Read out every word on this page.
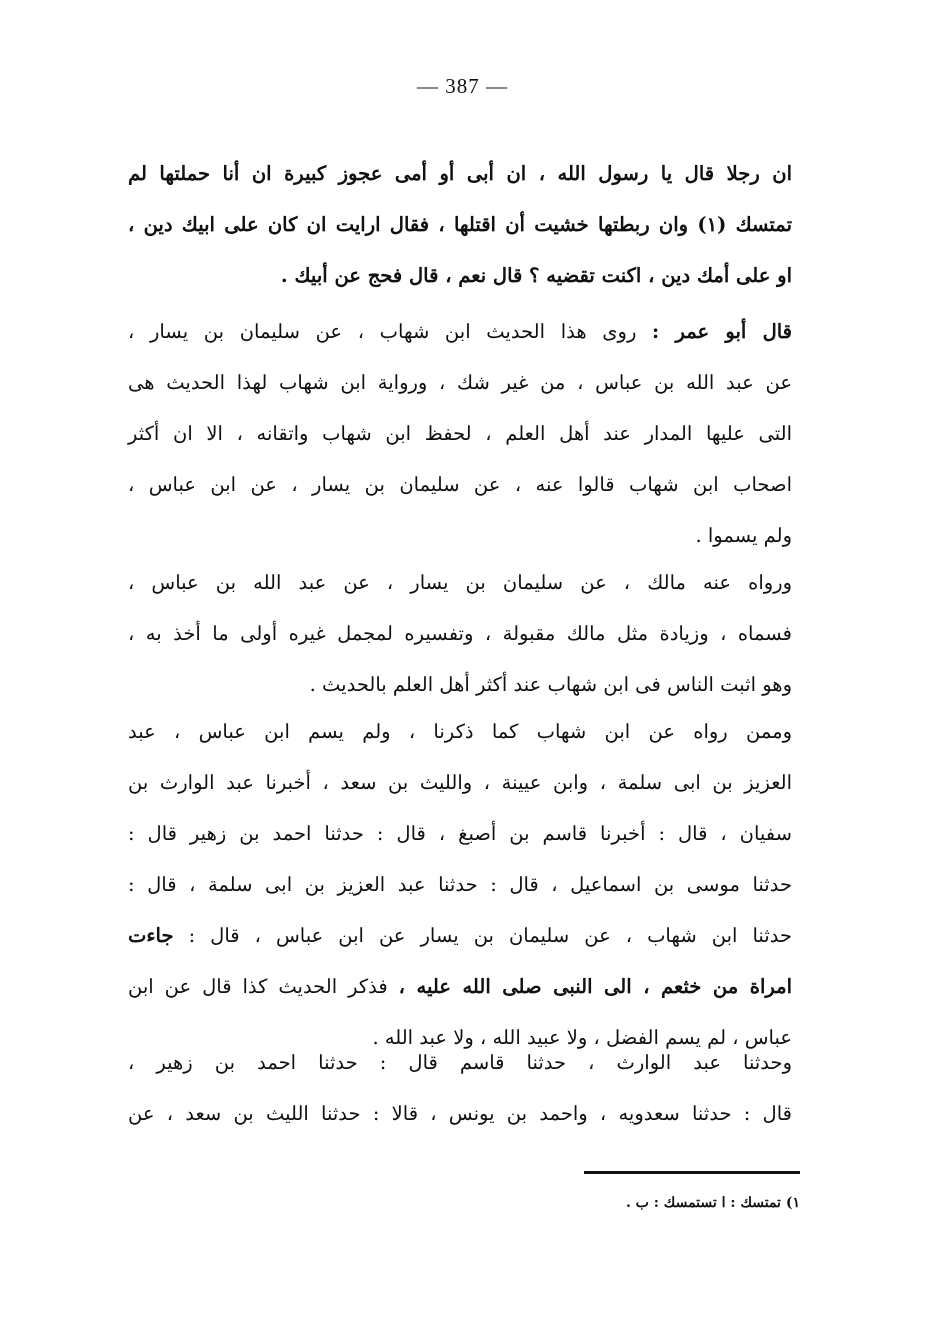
— 387 —
ان رجلا قال يا رسول الله ، ان أبى أو أمى عجوز كبيرة ان أنا حملتها لم
تمتسك (١) وان ربطتها خشيت أن اقتلها ، فقال ارايت ان كان على ابيك دين ،
او على أمك دين ، اكنت تقضيه ؟ قال نعم ، قال فحج عن أبيك .
قال أبو عمر : روى هذا الحديث ابن شهاب ، عن سليمان بن يسار ،
عن عبد الله بن عباس ، من غير شك ، ورواية ابن شهاب لهذا الحديث هى
التى عليها المدار عند أهل العلم ، لحفظ ابن شهاب واتقانه ، الا ان أكثر
اصحاب ابن شهاب قالوا عنه ، عن سليمان بن يسار ، عن ابن عباس ،
ولم يسموا .
ورواه عنه مالك ، عن سليمان بن يسار ، عن عبد الله بن عباس ،
فسماه ، وزيادة مثل مالك مقبولة ، وتفسيره لمجمل غيره أولى ما أخذ به ،
وهو اثبت الناس فى ابن شهاب عند أكثر أهل العلم بالحديث .
وممن رواه عن ابن شهاب كما ذكرنا ، ولم يسم ابن عباس ، عبد
العزيز بن ابى سلمة ، وابن عيينة ، والليث بن سعد ، أخبرنا عبد الوارث بن
سفيان ، قال : أخبرنا قاسم بن أصبغ ، قال : حدثنا احمد بن زهير قال :
حدثنا موسى بن اسماعيل ، قال : حدثنا عبد العزيز بن ابى سلمة ، قال :
حدثنا ابن شهاب ، عن سليمان بن يسار عن ابن عباس ، قال : جاءت
امراة من خثعم ، الى النبى صلى الله عليه ، فذكر الحديث كذا قال عن ابن
عباس ، لم يسم الفضل ، ولا عبيد الله ، ولا عبد الله .
وحدثنا عبد الوارث ، حدثنا قاسم قال : حدثنا احمد بن زهير ،
قال : حدثنا سعدويه ، واحمد بن يونس ، قالا : حدثنا الليث بن سعد ، عن
١) تمتسك : ا تستمسك : ب .
